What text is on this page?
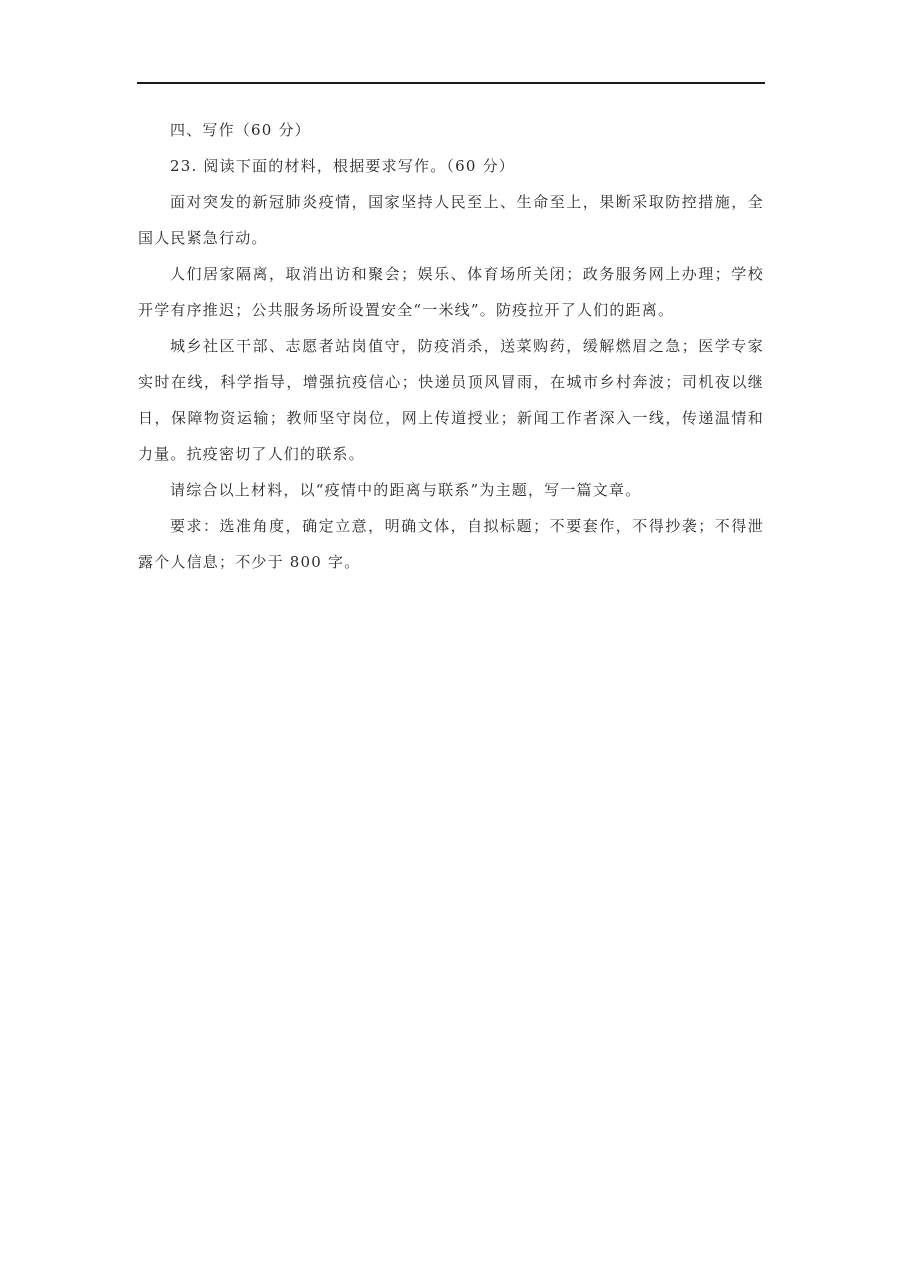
四、写作（60 分）

23. 阅读下面的材料，根据要求写作。（60 分）

面对突发的新冠肺炎疫情，国家坚持人民至上、生命至上，果断采取防控措施，全国人民紧急行动。

人们居家隔离，取消出访和聚会；娱乐、体育场所关闭；政务服务网上办理；学校开学有序推迟；公共服务场所设置安全“一米线”。防疫拉开了人们的距离。

城乡社区干部、志愿者站岗值守，防疫消杀，送菜购药，缓解燃眉之急；医学专家实时在线，科学指导，增强抗疫信心；快递员顶风冒雨，在城市乡村奔波；司机夜以继日，保障物资运输；教师坚守岗位，网上传道授业；新闻工作者深入一线，传递温情和力量。抗疫密切了人们的联系。

请综合以上材料，以“疫情中的距离与联系”为主题，写一篇文章。

要求：选准角度，确定立意，明确文体，自拟标题；不要套作，不得抄袭；不得泄露个人信息；不少于 800 字。
